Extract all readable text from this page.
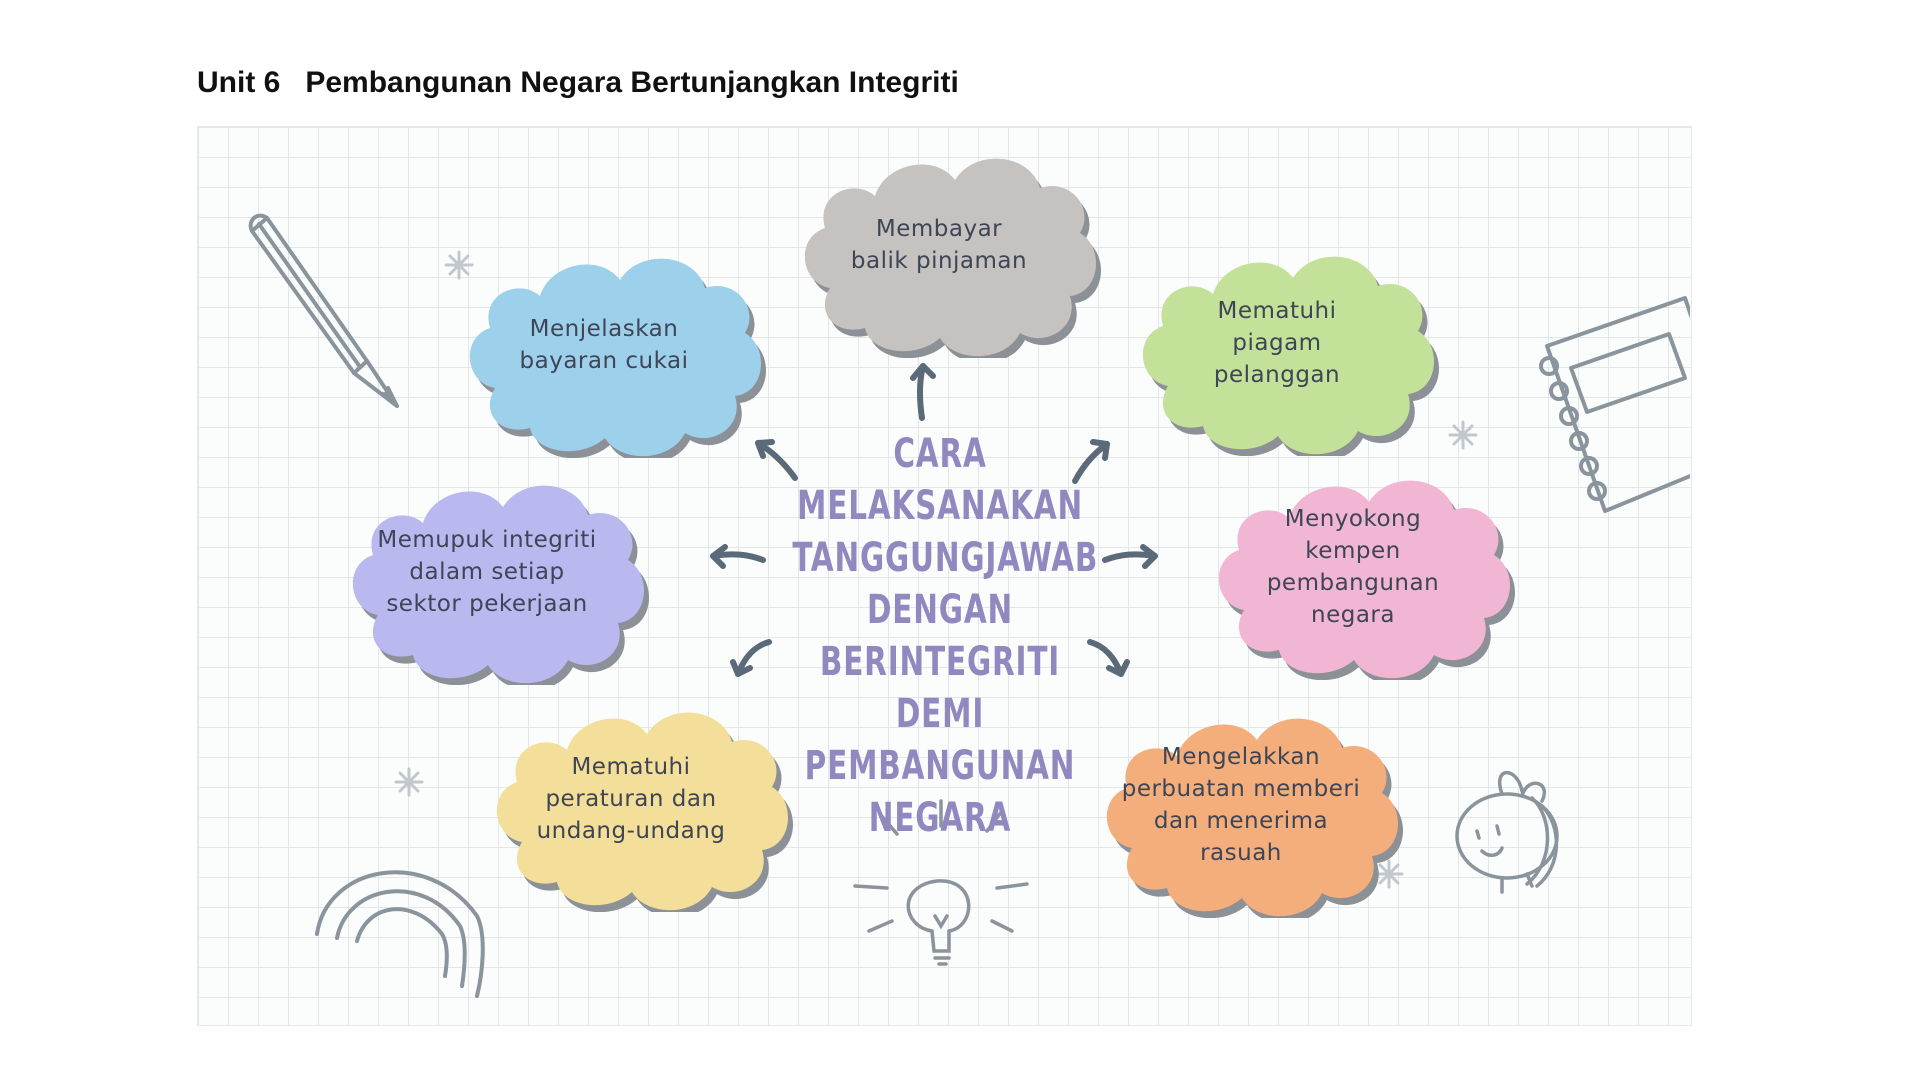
Unit 6   Pembangunan Negara Bertunjangkan Integriti
Membayar
balik pinjaman
Menjelaskan
bayaran cukai
Mematuhi
piagam
pelanggan
Memupuk integriti
dalam setiap
sektor pekerjaan
Menyokong
kempen
pembangunan
negara
Mematuhi
peraturan dan
undang-undang
Mengelakkan
perbuatan memberi
dan menerima
rasuah
CARA
MELAKSANAKAN
TANGGUNGJAWAB
DENGAN
BERINTEGRITI DEMI
PEMBANGUNAN
NEGARA
